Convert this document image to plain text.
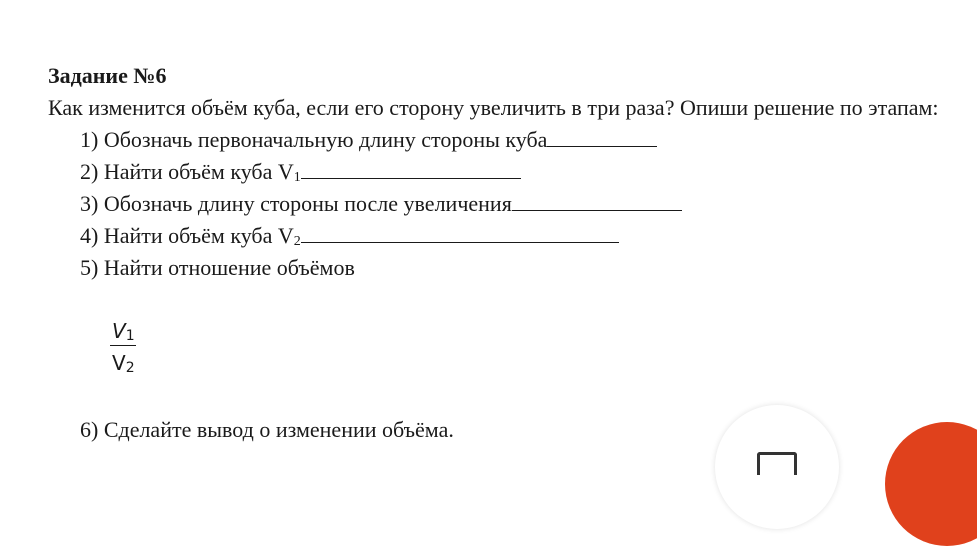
Задание №6

Как изменится объём куба, если его сторону увеличить в три раза? Опиши решение по этапам:

1) Обозначь первоначальную длину стороны куба
2) Найти объём куба $V_1$
3) Обозначь длину стороны после увеличения
4) Найти объём куба $V_2$
5) Найти отношение объёмов
$V_1$
$V_2$
6) Сделайте вывод о изменении объёма.
